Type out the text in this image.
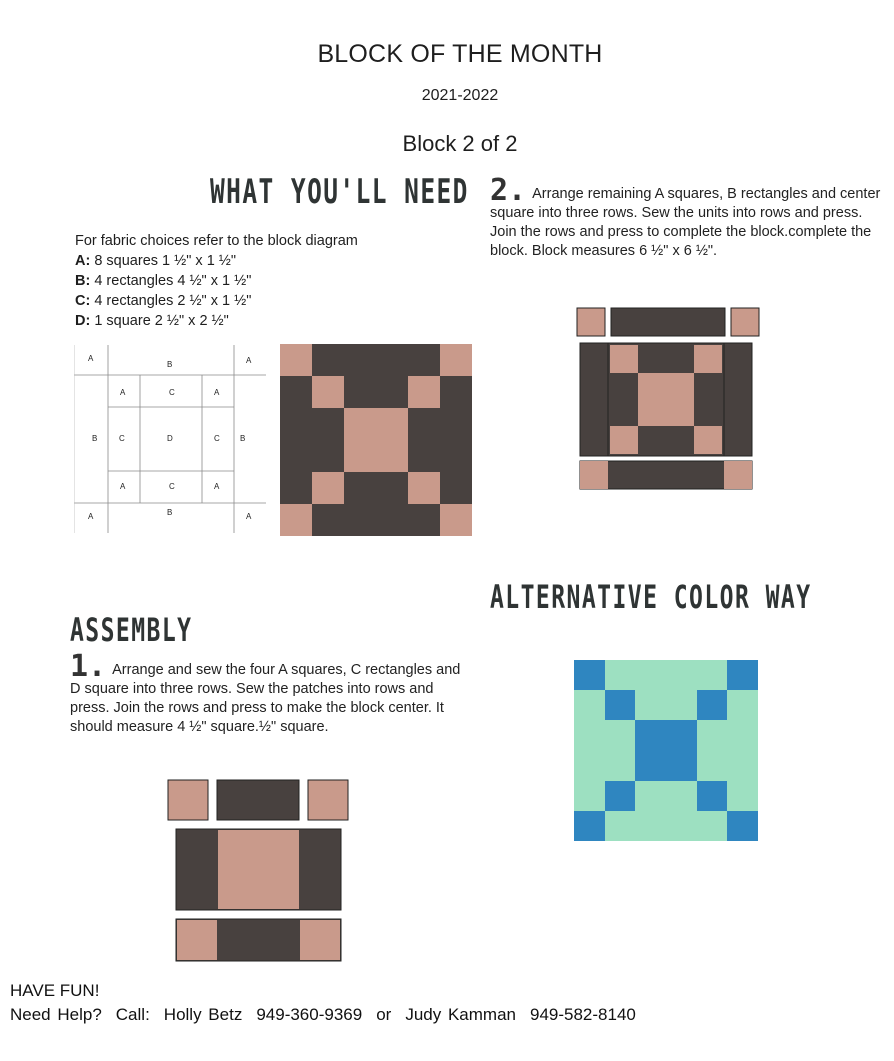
BLOCK OF THE MONTH
2021-2022
Block 2 of 2
WHAT YOU'LL NEED
For fabric choices refer to the block diagram
A: 8 squares 1 ½" x 1 ½"
B: 4 rectangles 4 ½" x 1 ½"
C: 4 rectangles 2 ½" x 1 ½"
D: 1 square 2 ½" x 2 ½"
A
B	A
A	C	A
B	C	D	C	B
A	C	A
A	B	A
2. Arrange remaining A squares, B rectangles and center square into three rows. Sew the units into rows and press. Join the rows and press to complete the block.complete the block. Block measures 6 ½" x 6 ½".
ALTERNATIVE COLOR WAY
ASSEMBLY
1. Arrange and sew the four A squares, C rectangles and D square into three rows. Sew the patches into rows and press. Join the rows and press to make the block center. It should measure 4 ½" square.½" square.
HAVE FUN!
Need Help? Call: Holly Betz 949-360-9369 or Judy Kamman 949-582-8140
